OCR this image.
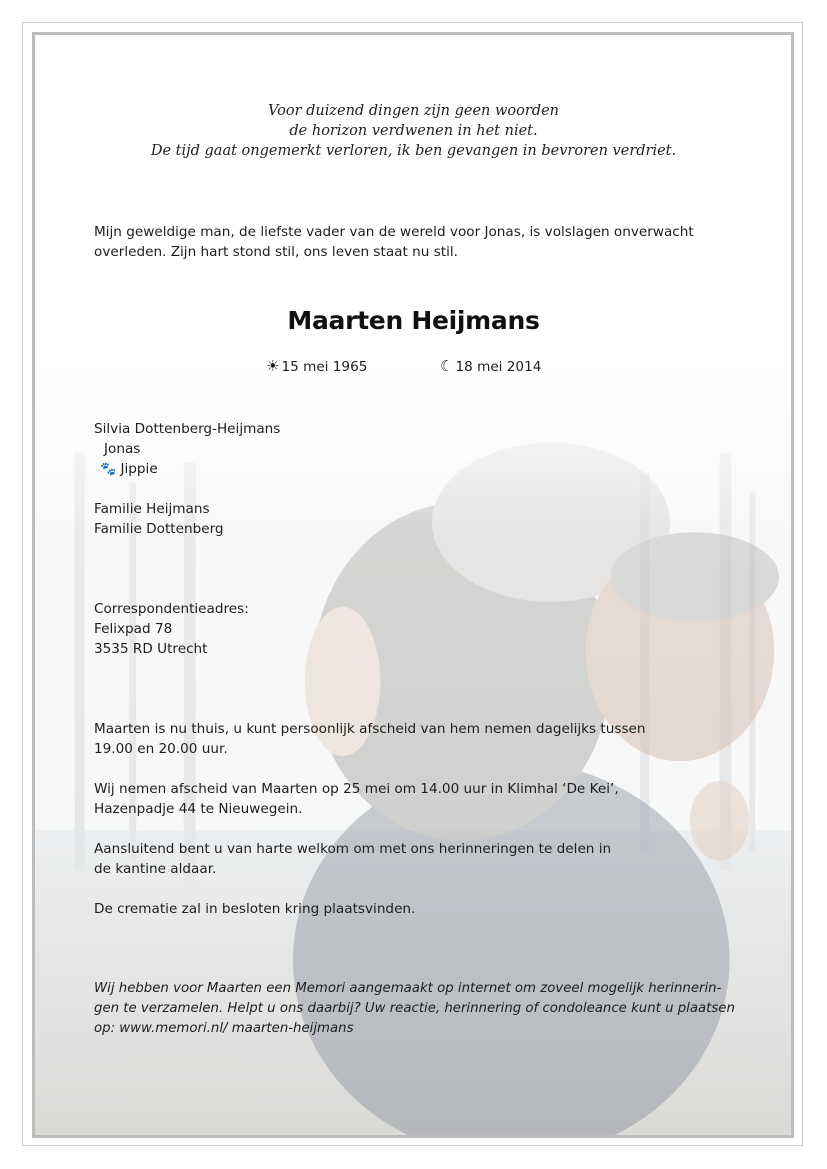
Voor duizend dingen zijn geen woorden
de horizon verdwenen in het niet.
De tijd gaat ongemerkt verloren, ik ben gevangen in bevroren verdriet.
Mijn geweldige man, de liefste vader van de wereld voor Jonas, is volslagen onverwacht
overleden. Zijn hart stond stil, ons leven staat nu stil.
Maarten Heijmans
☀ 15 mei 1965	☾ 18 mei 2014
Silvia Dottenberg-Heijmans
Jonas
🐾 Jippie
Familie Heijmans
Familie Dottenberg
Correspondentieadres:
Felixpad 78
3535 RD Utrecht
Maarten is nu thuis, u kunt persoonlijk afscheid van hem nemen dagelijks tussen
19.00 en 20.00 uur.
Wij nemen afscheid van Maarten op 25 mei om 14.00 uur in Klimhal ‘De Kei’,
Hazenpadje 44 te Nieuwegein.
Aansluitend bent u van harte welkom om met ons herinneringen te delen in
de kantine aldaar.
De crematie zal in besloten kring plaatsvinden.
Wij hebben voor Maarten een Memori aangemaakt op internet om zoveel mogelijk herinnerin-
gen te verzamelen. Helpt u ons daarbij? Uw reactie, herinnering of condoleance kunt u plaatsen
op: www.memori.nl/ maarten-heijmans
